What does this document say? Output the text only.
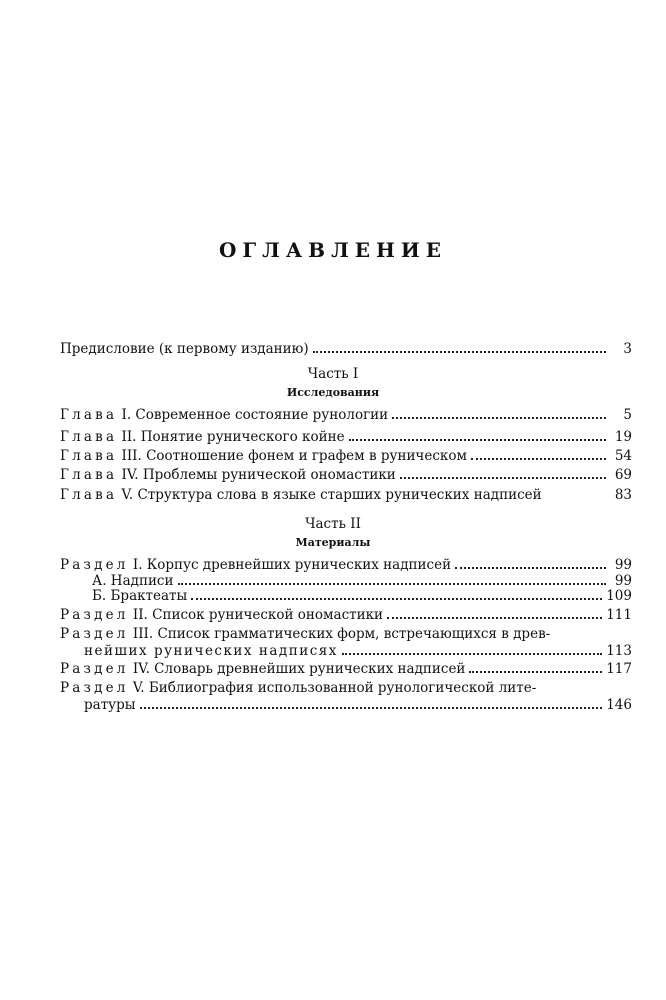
ОГЛАВЛЕНИЕ
Предисловие (к первому изданию)	3
Часть I
Исследования
Глава I. Современное состояние рунологии	5
Глава II. Понятие рунического койне	19
Глава III. Соотношение фонем и графем в руническом	54
Глава IV. Проблемы рунической ономастики	69
Глава V. Структура слова в языке старших рунических надписей	83
Часть II
Материалы
Раздел I. Корпус древнейших рунических надписей	99
А. Надписи	99
Б. Брактеаты	109
Раздел II. Список рунической ономастики	111
Раздел III. Список грамматических форм, встречающихся в древ-
нейших рунических надписях	113
Раздел IV. Словарь древнейших рунических надписей	117
Раздел V. Библиография использованной рунологической лите-
ратуры	146
